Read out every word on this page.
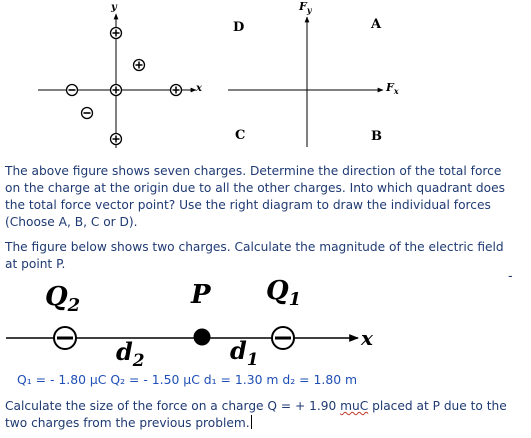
y
x
$F_y$
$F_x$
D	A
C	B
The above figure shows seven charges. Determine the direction of the total force on the charge at the origin due to all the other charges. Into which quadrant does the total force vector point? Use the right diagram to draw the individual forces (Choose A, B, C or D).
The figure below shows two charges. Calculate the magnitude of the electric field at point P.
$Q_2$	P $Q_1$
$d_2$	$d_1$
x
-
Q₁ = - 1.80 μC Q₂ = - 1.50 μC d₁ = 1.30 m d₂ = 1.80 m
Calculate the size of the force on a charge Q = + 1.90 muC placed at P due to the two charges from the previous problem.
